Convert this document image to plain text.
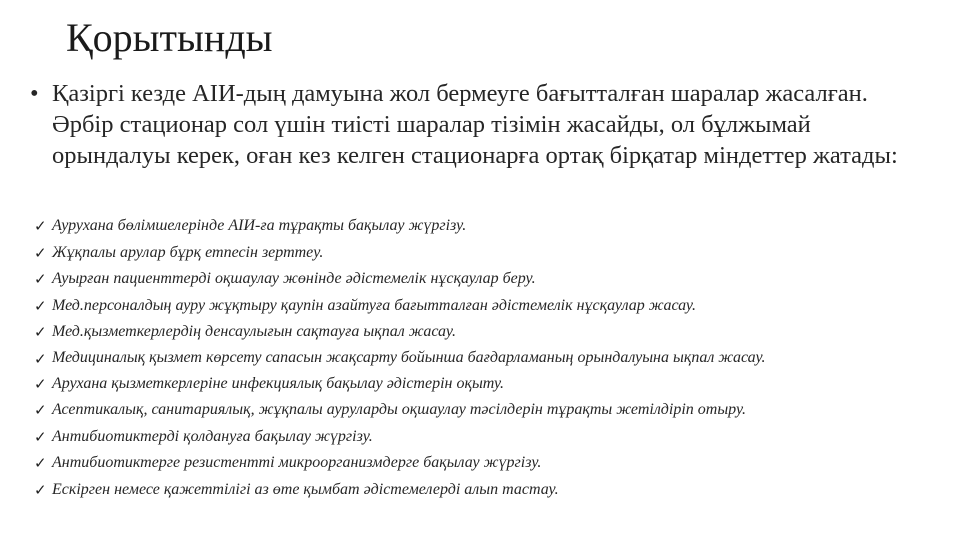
Қорытынды

• Қазіргі кезде АІИ-дың дамуына жол бермеуге бағытталған шаралар жасалған. Әрбір стационар сол үшін тиісті шаралар тізімін жасайды, ол бұлжымай орындалуы керек, оған кез келген стационарға ортақ бірқатар міндеттер жатады:

✓ Аурухана бөлімшелерінде АІИ-ға тұрақты бақылау жүргізу.
✓ Жұқпалы арулар бұрқ етпесін зерттеу.
✓ Ауырған пациенттерді оқшаулау жөнінде әдістемелік нұсқаулар беру.
✓ Мед.персоналдың ауру жұқтыру қаупін азайтуға бағытталған әдістемелік нұсқаулар жасау.
✓ Мед.қызметкерлердің денсаулығын сақтауға ықпал жасау.
✓ Медициналық қызмет көрсету сапасын жақсарту бойынша бағдарламаның орындалуына ықпал жасау.
✓ Арухана қызметкерлеріне инфекциялық бақылау әдістерін оқыту.
✓ Асептикалық, санитариялық, жұқпалы ауруларды оқшаулау тәсілдерін тұрақты жетілдіріп отыру.
✓ Антибиотиктерді қолдануға бақылау жүргізу.
✓ Антибиотиктерге резистентті микроорганизмдерге бақылау жүргізу.
✓ Ескірген немесе қажеттілігі аз өте қымбат әдістемелерді алып тастау.
